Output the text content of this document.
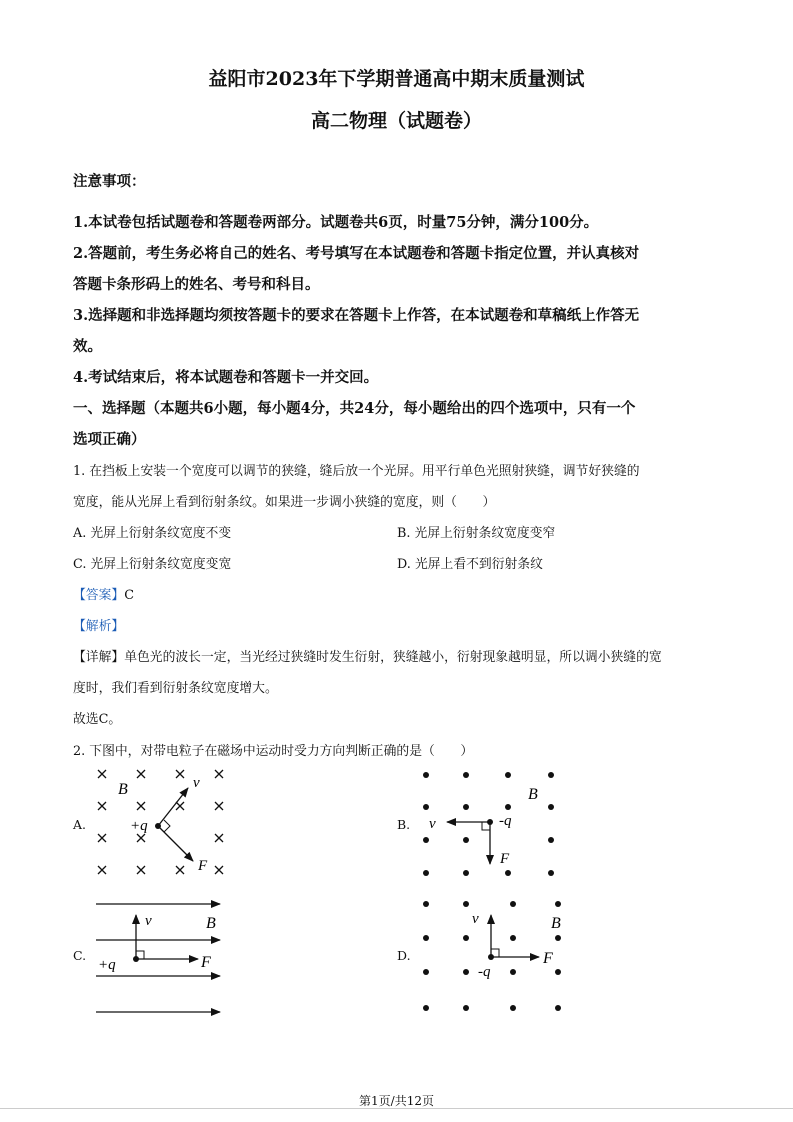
益阳市2023年下学期普通高中期末质量测试
高二物理（试题卷）
注意事项：
1.本试卷包括试题卷和答题卷两部分。试题卷共6页，时量75分钟，满分100分。
2.答题前，考生务必将自己的姓名、考号填写在本试题卷和答题卡指定位置，并认真核对
答题卡条形码上的姓名、考号和科目。
3.选择题和非选择题均须按答题卡的要求在答题卡上作答，在本试题卷和草稿纸上作答无
效。
4.考试结束后，将本试题卷和答题卡一并交回。
一、选择题（本题共6小题，每小题4分，共24分，每小题给出的四个选项中，只有一个
选项正确）
1. 在挡板上安装一个宽度可以调节的狭缝，缝后放一个光屏。用平行单色光照射狭缝，调节好狭缝的
宽度，能从光屏上看到衍射条纹。如果进一步调小狭缝的宽度，则（　　）
A. 光屏上衍射条纹宽度不变	B. 光屏上衍射条纹宽度变窄
C. 光屏上衍射条纹宽度变宽	D. 光屏上看不到衍射条纹
【答案】C
【解析】
【详解】单色光的波长一定，当光经过狭缝时发生衍射，狭缝越小，衍射现象越明显，所以调小狭缝的宽
度时，我们看到衍射条纹宽度增大。
故选C。
2. 下图中，对带电粒子在磁场中运动时受力方向判断正确的是（　　）
A.	B.
C.	D.
B	v
+q
F
B
v	-q
F
B
v
+q	F
B
v
-q
F
第1页/共12页
